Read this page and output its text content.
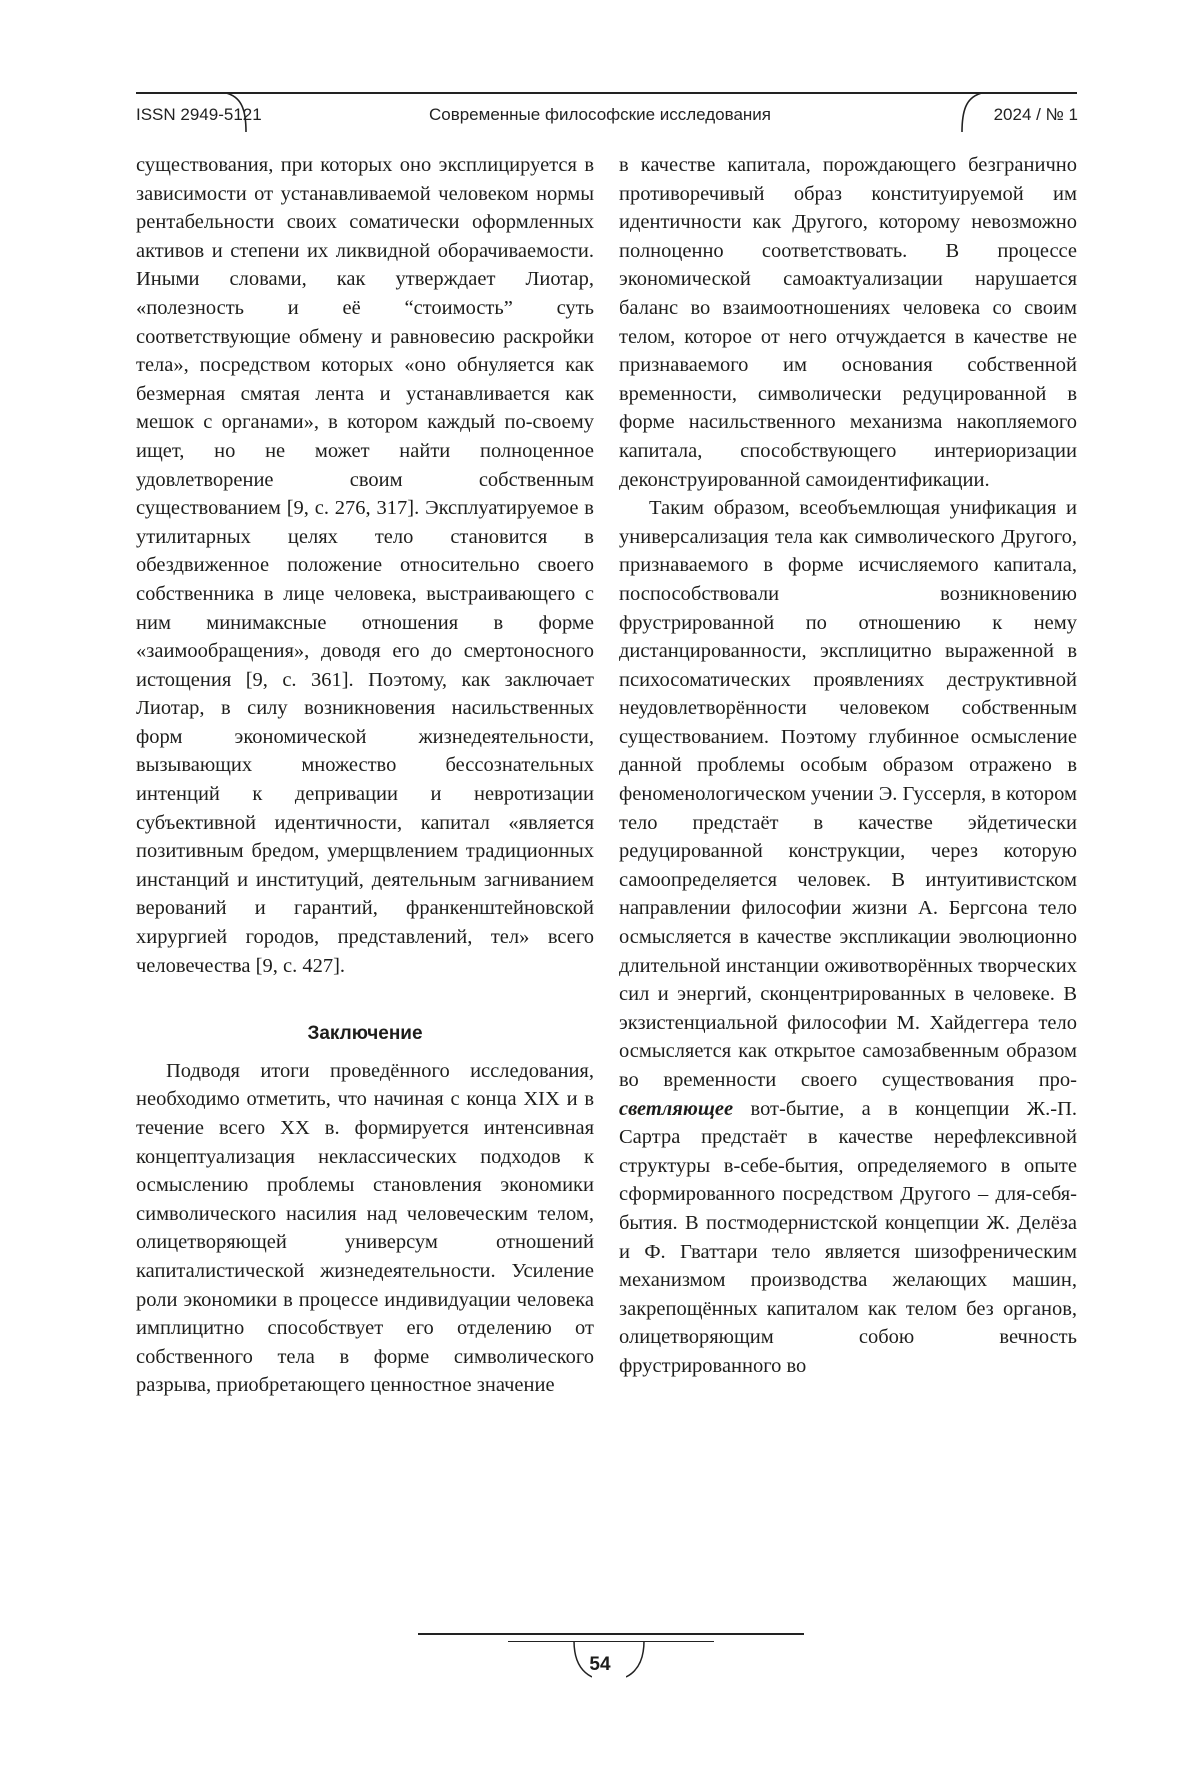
ISSN 2949-5121	Современные философские исследования	2024 / № 1

существования, при которых оно эксплицируется в зависимости от устанавливаемой человеком нормы рентабельности своих соматически оформленных активов и степени их ликвидной оборачиваемости. Иными словами, как утверждает Лиотар, «полезность и её “стоимость” суть соответствующие обмену и равновесию раскройки тела», посредством которых «оно обнуляется как безмерная смятая лента и устанавливается как мешок с органами», в котором каждый по-своему ищет, но не может найти полноценное удовлетворение своим собственным существованием [9, с. 276, 317]. Эксплуатируемое в утилитарных целях тело становится в обездвиженное положение относительно своего собственника в лице человека, выстраивающего с ним минимаксные отношения в форме «заимообращения», доводя его до смертоносного истощения [9, с. 361]. Поэтому, как заключает Лиотар, в силу возникновения насильственных форм экономической жизнедеятельности, вызывающих множество бессознательных интенций к депривации и невротизации субъективной идентичности, капитал «является позитивным бредом, умерщвлением традиционных инстанций и институций, деятельным загниванием верований и гарантий, франкенштейновской хирургией городов, представлений, тел» всего человечества [9, с. 427].

Заключение

Подводя итоги проведённого исследования, необходимо отметить, что начиная с конца XIX и в течение всего XX в. формируется интенсивная концептуализация неклассических подходов к осмыслению проблемы становления экономики символического насилия над человеческим телом, олицетворяющей универсум отношений капиталистической жизнедеятельности. Усиление роли экономики в процессе индивидуации человека имплицитно способствует его отделению от собственного тела в форме символического разрыва, приобретающего ценностное значение

в качестве капитала, порождающего безгранично противоречивый образ конституируемой им идентичности как Другого, которому невозможно полноценно соответствовать. В процессе экономической самоактуализации нарушается баланс во взаимоотношениях человека со своим телом, которое от него отчуждается в качестве не признаваемого им основания собственной временности, символически редуцированной в форме насильственного механизма накопляемого капитала, способствующего интериоризации деконструированной самоидентификации.

Таким образом, всеобъемлющая унификация и универсализация тела как символического Другого, признаваемого в форме исчисляемого капитала, поспособствовали возникновению фрустрированной по отношению к нему дистанцированности, эксплицитно выраженной в психосоматических проявлениях деструктивной неудовлетворённости человеком собственным существованием. Поэтому глубинное осмысление данной проблемы особым образом отражено в феноменологическом учении Э. Гуссерля, в котором тело предстаёт в качестве эйдетически редуцированной конструкции, через которую самоопределяется человек. В интуитивистском направлении философии жизни А. Бергсона тело осмысляется в качестве экспликации эволюционно длительной инстанции оживотворённых творческих сил и энергий, сконцентрированных в человеке. В экзистенциальной философии М. Хайдеггера тело осмысляется как открытое самозабвенным образом во временности своего существования про-светляющее вот-бытие, а в концепции Ж.-П. Сартра предстаёт в качестве нерефлексивной структуры в-себе-бытия, определяемого в опыте сформированного посредством Другого – для-себя-бытия. В постмодернистской концепции Ж. Делёза и Ф. Гваттари тело является шизофреническим механизмом производства желающих машин, закрепощённых капиталом как телом без органов, олицетворяющим собою вечность фрустрированного во

54
